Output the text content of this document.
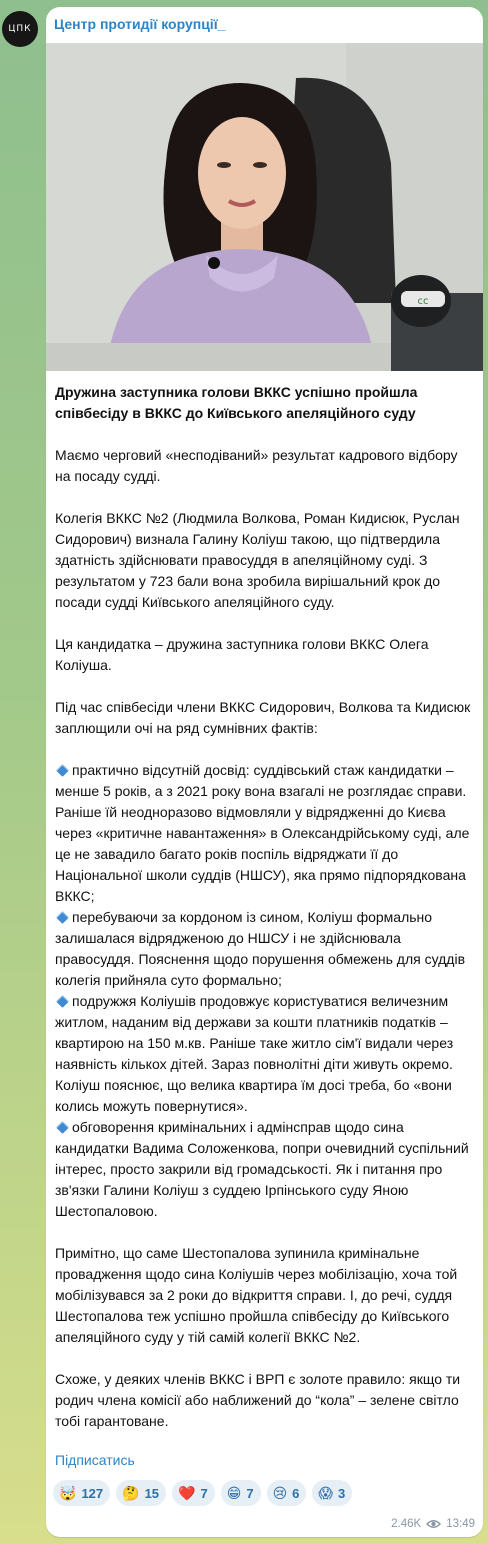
ЦПК	Центр протидії корупції_
cc

Дружина заступника голови ВККС успішно пройшла співбесіду в ВККС до Київського апеляційного суду

Маємо черговий «несподіваний» результат кадрового відбору на посаду судді.

Колегія ВККС №2 (Людмила Волкова, Роман Кидисюк, Руслан Сидорович) визнала Галину Коліуш такою, що підтвердила здатність здійснювати правосуддя в апеляційному суді. З результатом у 723 бали вона зробила вирішальний крок до посади судді Київського апеляційного суду.

Ця кандидатка – дружина заступника голови ВККС Олега Коліуша.

Під час співбесіди члени ВККС Сидорович, Волкова та Кидисюк заплющили очі на ряд сумнівних фактів:

практично відсутній досвід: суддівський стаж кандидатки – менше 5 років, а з 2021 року вона взагалі не розглядає справи. Раніше їй неодноразово відмовляли у відрядженні до Києва через «критичне навантаження» в Олександрійському суді, але це не завадило багато років поспіль відряджати її до Національної школи суддів (НШСУ), яка прямо підпорядкована ВККС;
перебуваючи за кордоном із сином, Коліуш формально залишалася відрядженою до НШСУ і не здійснювала правосуддя. Пояснення щодо порушення обмежень для суддів колегія прийняла суто формально;
подружжя Коліушів продовжує користуватися величезним житлом, наданим від держави за кошти платників податків – квартирою на 150 м.кв. Раніше таке житло сім'ї видали через наявність кількох дітей. Зараз повнолітні діти живуть окремо. Коліуш пояснює, що велика квартира їм досі треба, бо «вони колись можуть повернутися».
обговорення кримінальних і адмінсправ щодо сина кандидатки Вадима Соложенкова, попри очевидний суспільний інтерес, просто закрили від громадськості. Як і питання про зв'язки Галини Коліуш з суддею Ірпінського суду Яною Шестопаловою.

Примітно, що саме Шестопалова зупинила кримінальне провадження щодо сина Коліушів через мобілізацію, хоча той мобілізувався за 2 роки до відкриття справи. І, до речі, суддя Шестопалова теж успішно пройшла співбесіду до Київського апеляційного суду у тій самій колегії ВККС №2.

Схоже, у деяких членів ВККС і ВРП є золоте правило: якщо ти родич члена комісії або наближений до “кола” – зелене світло тобі гарантоване.

Підписатись
🤯 127 🤔 15 ❤️ 7 😁 7 😢 6 😱 3
2.46K 13:49
